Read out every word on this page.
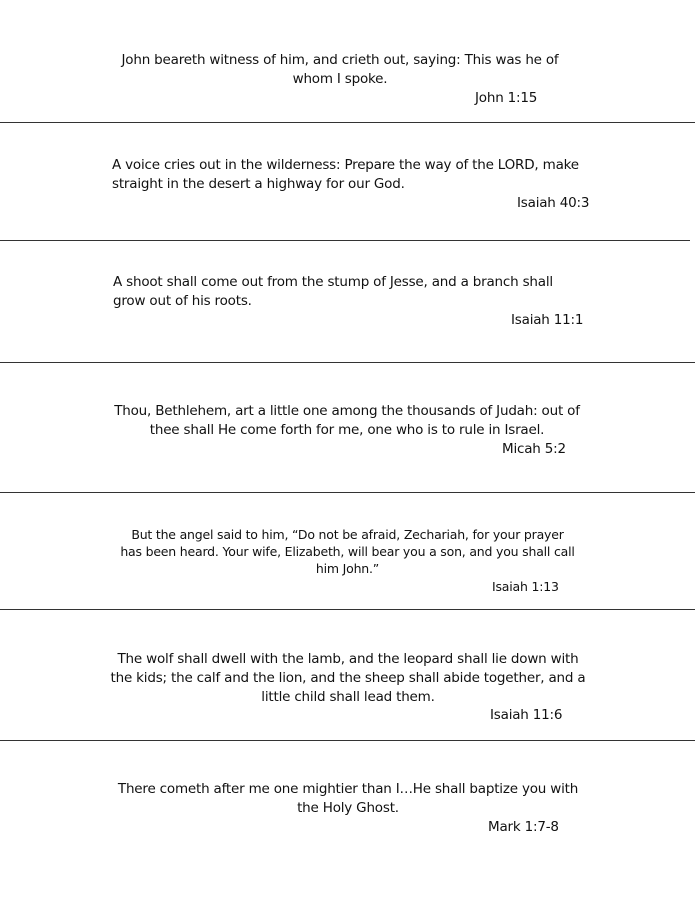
John beareth witness of him, and crieth out, saying: This was he of whom I spoke.

John 1:15

A voice cries out in the wilderness: Prepare the way of the LORD, make straight in the desert a highway for our God.

Isaiah 40:3

A shoot shall come out from the stump of Jesse, and a branch shall grow out of his roots.

Isaiah 11:1

Thou, Bethlehem, art a little one among the thousands of Judah: out of thee shall He come forth for me, one who is to rule in Israel.

Micah 5:2

But the angel said to him, “Do not be afraid, Zechariah, for your prayer has been heard. Your wife, Elizabeth, will bear you a son, and you shall call him John.”

Isaiah 1:13

The wolf shall dwell with the lamb, and the leopard shall lie down with the kids; the calf and the lion, and the sheep shall abide together, and a little child shall lead them.

Isaiah 11:6

There cometh after me one mightier than I…He shall baptize you with the Holy Ghost.

Mark 1:7-8
